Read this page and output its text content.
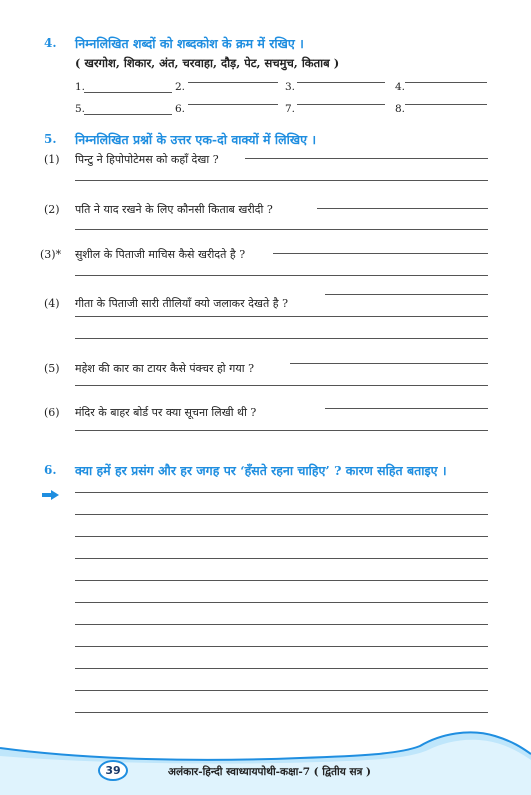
4. निम्नलिखित शब्दों को शब्दकोश के क्रम में रखिए ।
( खरगोश, शिकार, अंत, चरवाहा, दौड़, पेट, सचमुच, किताब )
1.	2.	3.	4.
5.	6.	7.	8.
5. निम्नलिखित प्रश्नों के उत्तर एक-दो वाक्यों में लिखिए ।
(1) पिन्टु ने हिपोपोटेमस को कहाँ देखा ?
(2) पति ने याद रखने के लिए कौनसी किताब खरीदी ?
(3)* सुशील के पिताजी माचिस कैसे खरीदते है ?
(4) गीता के पिताजी सारी तीलियाँ क्यो जलाकर देखते है ?
(5) महेश की कार का टायर कैसे पंक्चर हो गया ?
(6) मंदिर के बाहर बोर्ड पर क्या सूचना लिखी थी ?
6. क्या हमें हर प्रसंग और हर जगह पर ‘हँसते रहना चाहिए’ ? कारण सहित बताइए ।
39	अलंकार-हिन्दी स्वाध्यायपोथी-कक्षा-7 ( द्वितीय सत्र )
